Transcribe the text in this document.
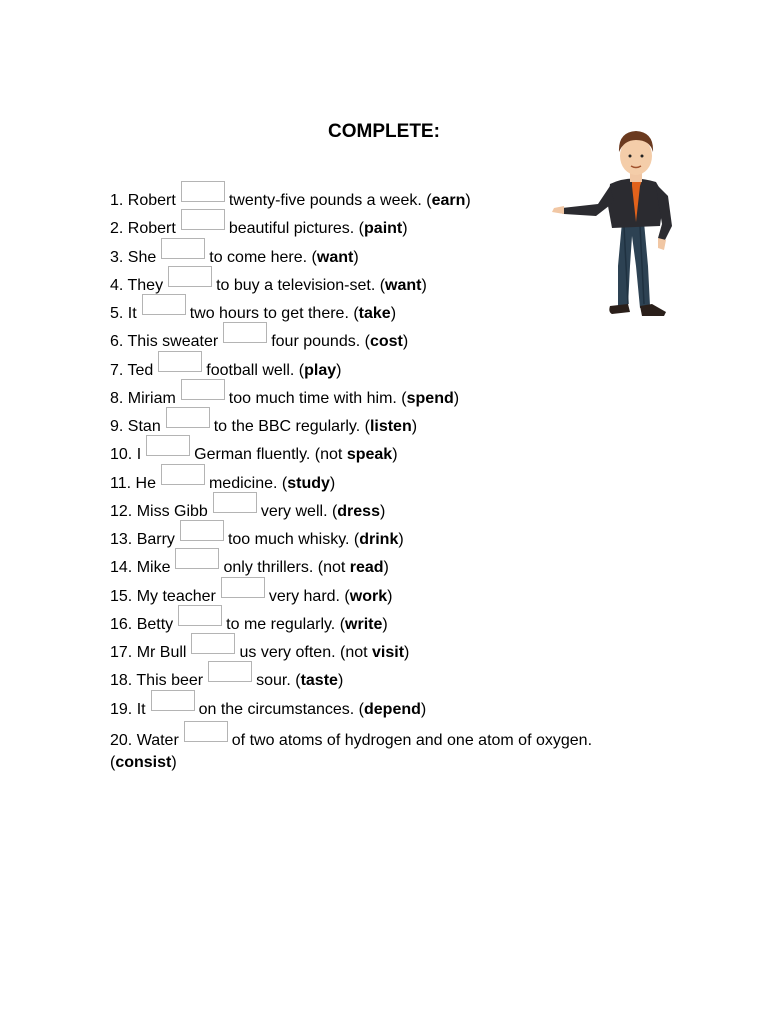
COMPLETE:
1. Robert	twenty-five pounds a week. (earn)
2. Robert	beautiful pictures. (paint)
3. She	to come here. (want)
4. They	to buy a television-set. (want)
5. It	two hours to get there. (take)
6. This sweater	four pounds. (cost)
7. Ted	football well. (play)
8. Miriam	too much time with him. (spend)
9. Stan	to the BBC regularly. (listen)
10. I	German fluently. (not speak)
11. He	medicine. (study)
12. Miss Gibb	very well. (dress)
13. Barry	too much whisky. (drink)
14. Mike	only thrillers. (not read)
15. My teacher	very hard. (work)
16. Betty	to me regularly. (write)
17. Mr Bull	us very often. (not visit)
18. This beer	sour. (taste)
19. It	on the circumstances. (depend)
20. Water	of two atoms of hydrogen and one atom of oxygen. (consist)
